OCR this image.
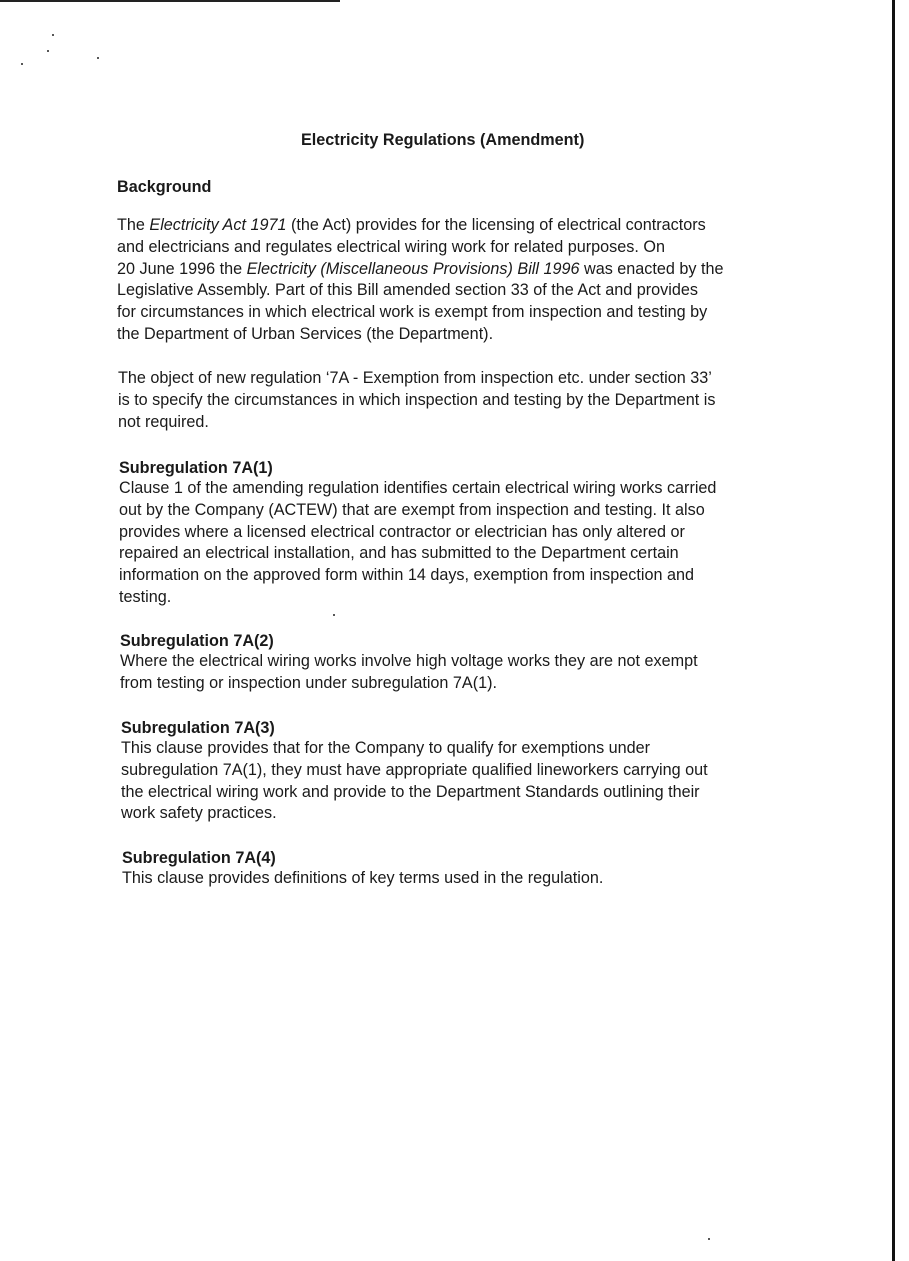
Electricity Regulations (Amendment)
Background
The Electricity Act 1971 (the Act) provides for the licensing of electrical contractors
and electricians and regulates electrical wiring work for related purposes. On
20 June 1996 the Electricity (Miscellaneous Provisions) Bill 1996 was enacted by the
Legislative Assembly. Part of this Bill amended section 33 of the Act and provides
for circumstances in which electrical work is exempt from inspection and testing by
the Department of Urban Services (the Department).
The object of new regulation ‘7A - Exemption from inspection etc. under section 33’
is to specify the circumstances in which inspection and testing by the Department is
not required.
Subregulation 7A(1)
Clause 1 of the amending regulation identifies certain electrical wiring works carried
out by the Company (ACTEW) that are exempt from inspection and testing. It also
provides where a licensed electrical contractor or electrician has only altered or
repaired an electrical installation, and has submitted to the Department certain
information on the approved form within 14 days, exemption from inspection and
testing.
Subregulation 7A(2)
Where the electrical wiring works involve high voltage works they are not exempt
from testing or inspection under subregulation 7A(1).
Subregulation 7A(3)
This clause provides that for the Company to qualify for exemptions under
subregulation 7A(1), they must have appropriate qualified lineworkers carrying out
the electrical wiring work and provide to the Department Standards outlining their
work safety practices.
Subregulation 7A(4)
This clause provides definitions of key terms used in the regulation.
